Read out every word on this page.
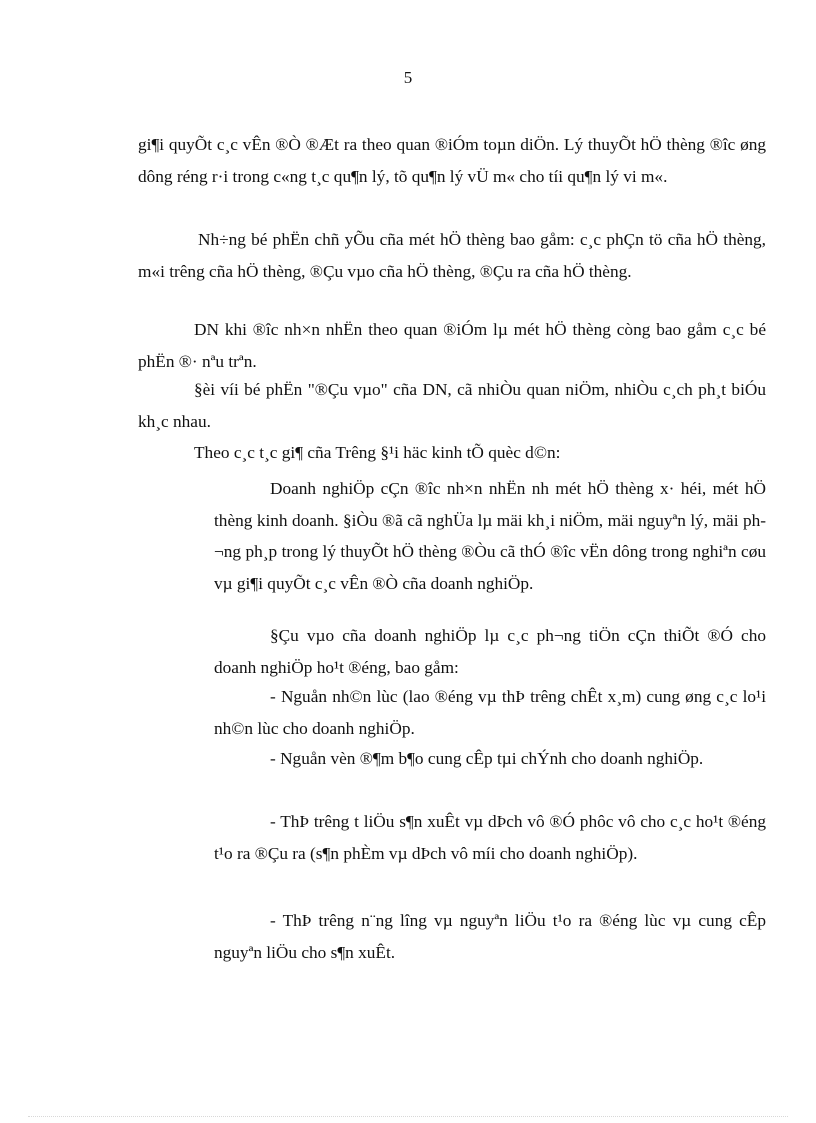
5

gi¶i quyÕt c¸c vÊn ®Ò ®Æt ra theo quan ®iÓm toµn diÖn. Lý thuyÕt hÖ thèng ®îc øng dông réng r·i trong c«ng t¸c qu¶n lý, tõ qu¶n lý vÜ m« cho tíi qu¶n lý vi m«.

Nh÷ng bé phËn chñ yÕu cña mét hÖ thèng bao gåm: c¸c phÇn tö cña hÖ thèng, m«i trêng cña hÖ thèng, ®Çu vµo cña hÖ thèng, ®Çu ra cña hÖ thèng.

DN khi ®îc nh×n nhËn theo quan ®iÓm lµ mét hÖ thèng còng bao gåm c¸c bé phËn ®· nªu trªn.

§èi víi bé phËn "®Çu vµo" cña DN, cã nhiÒu quan niÖm, nhiÒu c¸ch ph¸t biÓu kh¸c nhau.

Theo c¸c t¸c gi¶ cña Trêng §¹i häc kinh tÕ quèc d©n:

Doanh nghiÖp cÇn ®îc nh×n nhËn nh mét hÖ thèng x· héi, mét hÖ thèng kinh doanh. §iÒu ®ã cã nghÜa lµ mäi kh¸i niÖm, mäi nguyªn lý, mäi ph¬ng ph¸p trong lý thuyÕt hÖ thèng ®Òu cã thÓ ®îc vËn dông trong nghiªn cøu vµ gi¶i quyÕt c¸c vÊn ®Ò cña doanh nghiÖp.

§Çu vµo cña doanh nghiÖp lµ c¸c ph¬ng tiÖn cÇn thiÕt ®Ó cho doanh nghiÖp ho¹t ®éng, bao gåm:

- Nguån nh©n lùc (lao ®éng vµ thÞ trêng chÊt x¸m) cung øng c¸c lo¹i nh©n lùc cho doanh nghiÖp.

- Nguån vèn ®¶m b¶o cung cÊp tµi chÝnh cho doanh nghiÖp.

- ThÞ trêng t liÖu s¶n xuÊt vµ dÞch vô ®Ó phôc vô cho c¸c ho¹t ®éng t¹o ra ®Çu ra (s¶n phÈm vµ dÞch vô míi cho doanh nghiÖp).

- ThÞ trêng n¨ng lîng vµ nguyªn liÖu t¹o ra ®éng lùc vµ cung cÊp nguyªn liÖu cho s¶n xuÊt.
